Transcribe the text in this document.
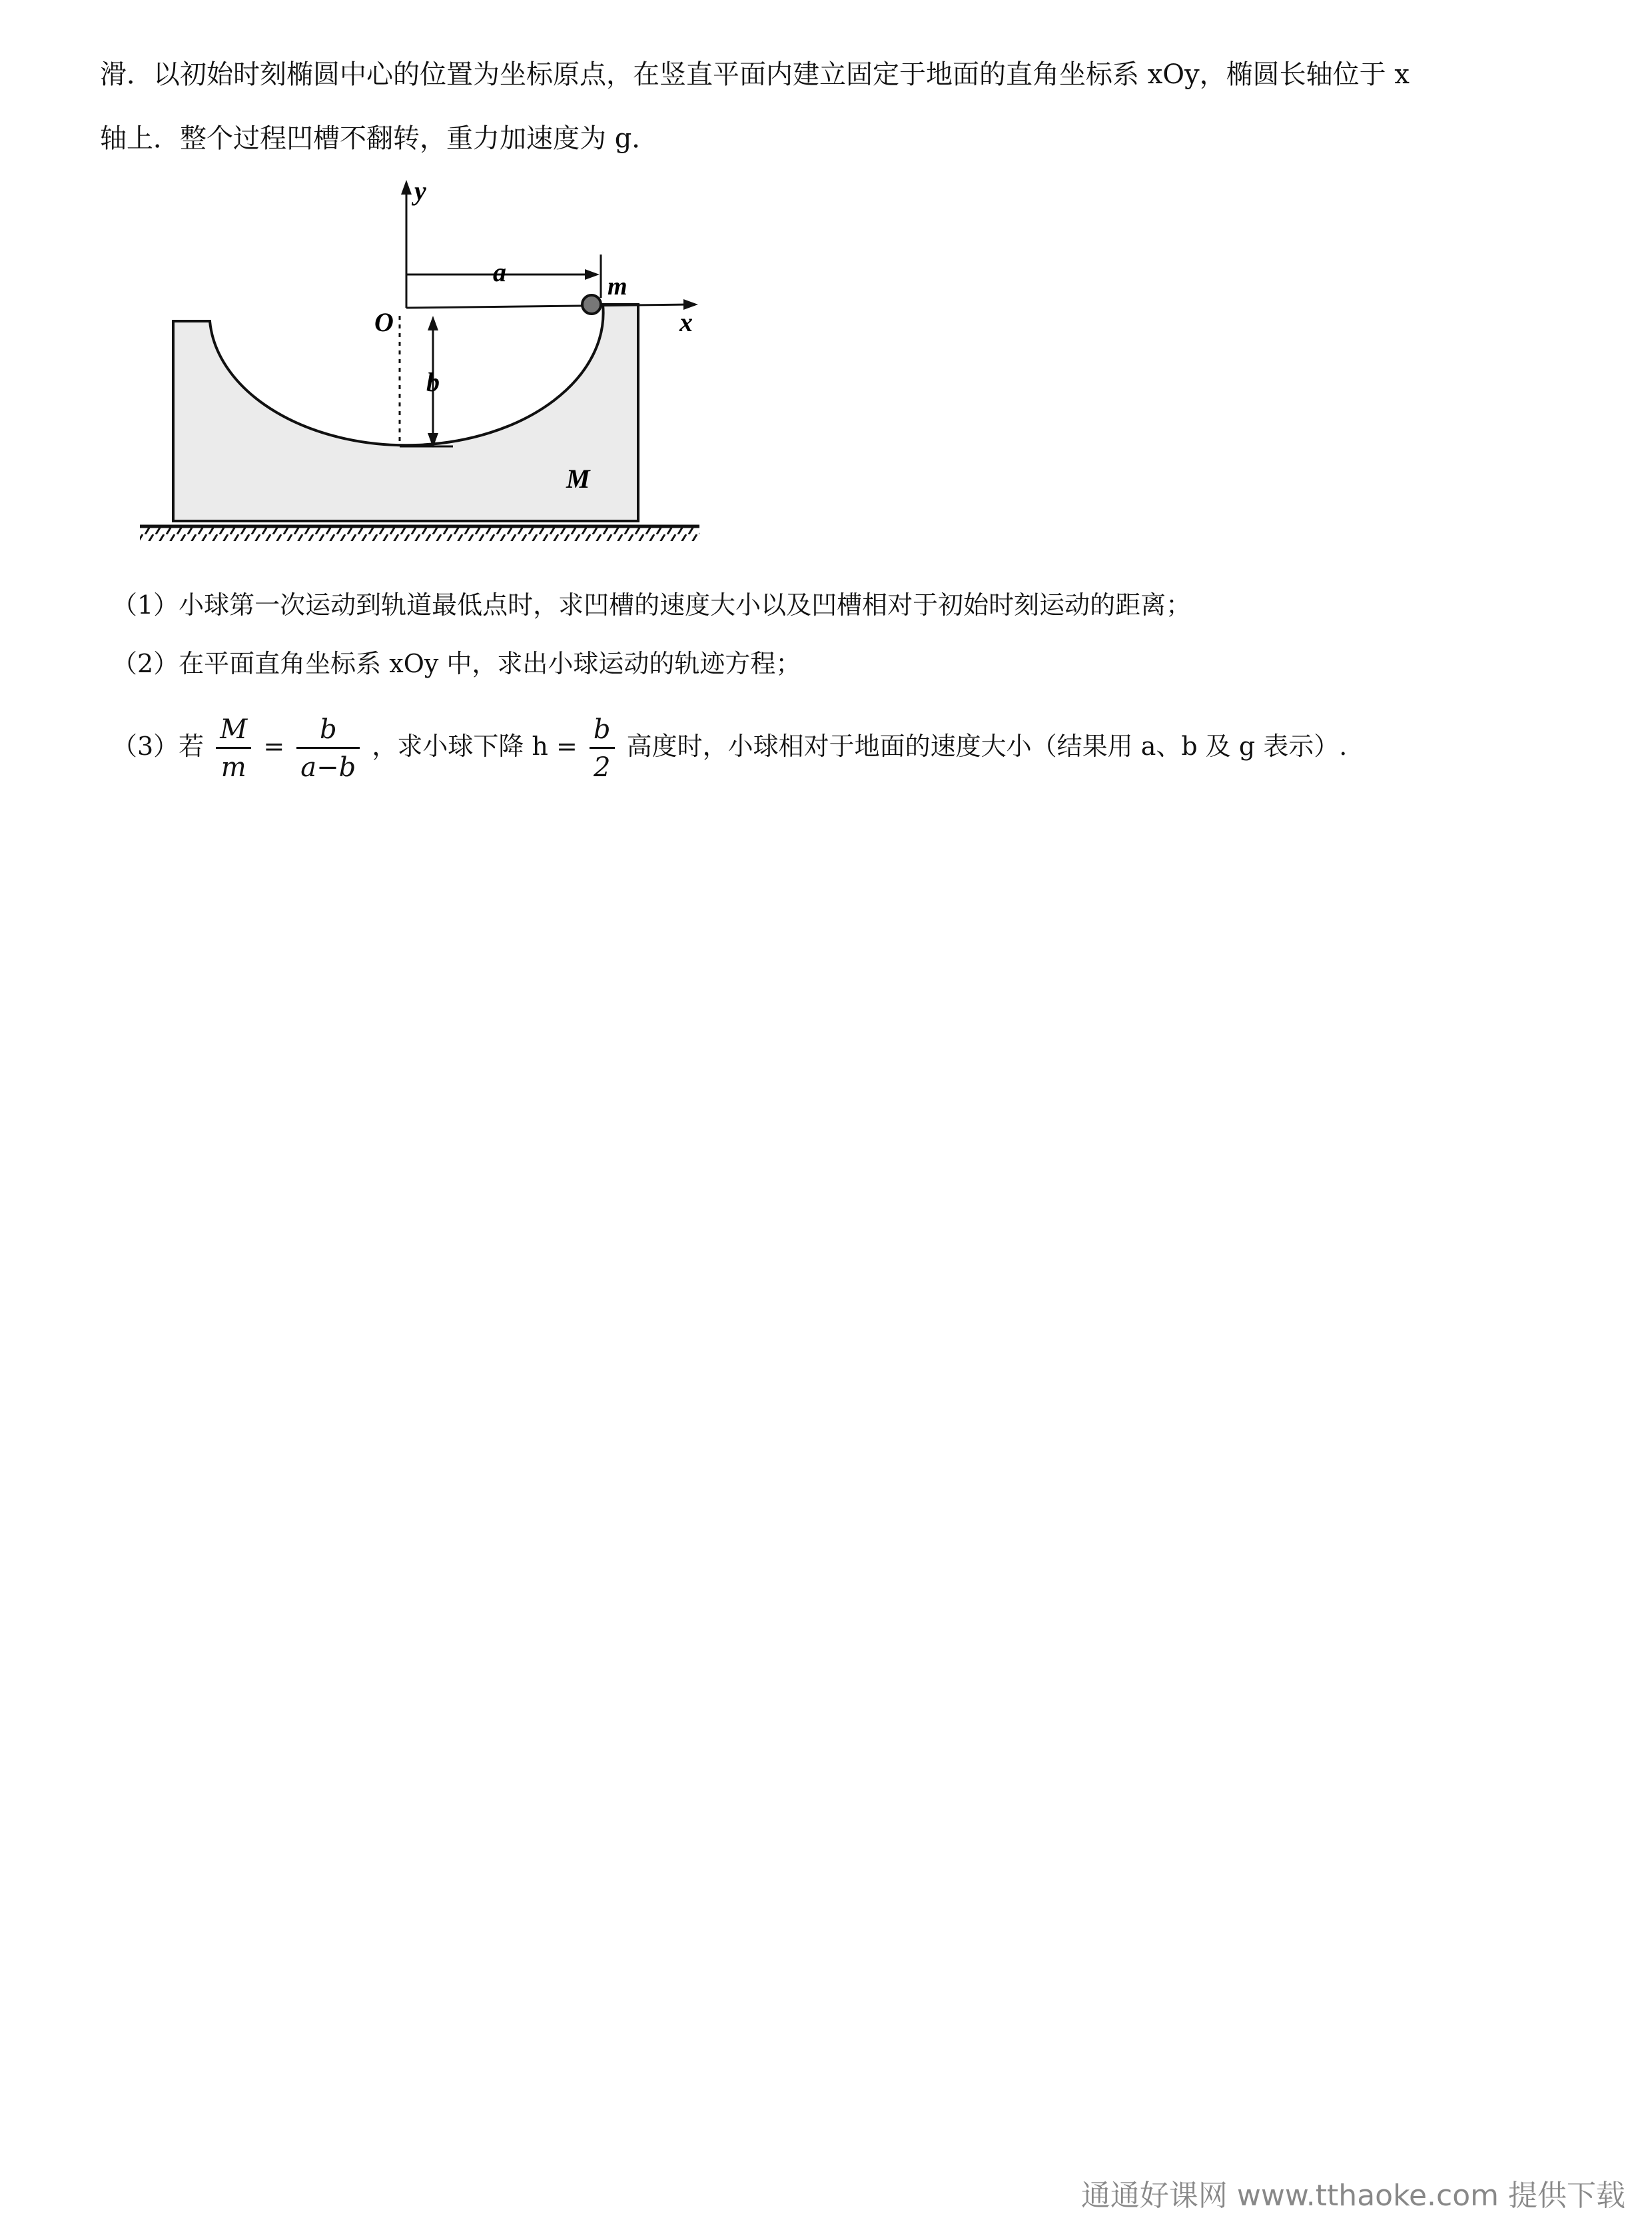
滑．以初始时刻椭圆中心的位置为坐标原点，在竖直平面内建立固定于地面的直角坐标系 xOy，椭圆长轴位于 x
轴上．整个过程凹槽不翻转，重力加速度为 g．
y
x
O
a
b
m
M
（1）小球第一次运动到轨道最低点时，求凹槽的速度大小以及凹槽相对于初始时刻运动的距离；
（2）在平面直角坐标系 xOy 中，求出小球运动的轨迹方程；
（3）若 $\frac{M}{m} = \frac{b}{a-b}$ ，求小球下降 $h = \frac{b}{2}$ 高度时，小球相对于地面的速度大小（结果用 a、b 及 g 表示）.
通通好课网 www.tthaoke.com 提供下载
